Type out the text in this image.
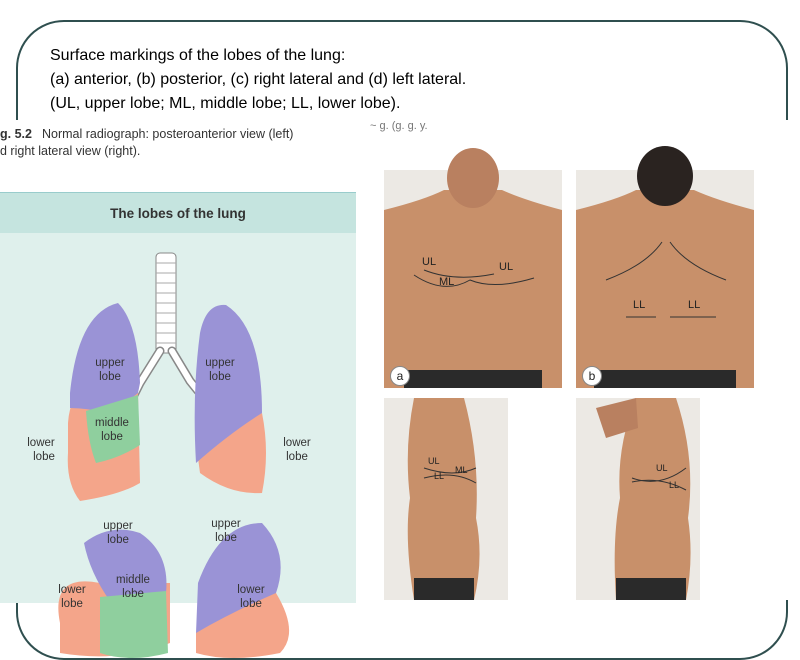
Surface markings of the lobes of the lung:
(a) anterior, (b) posterior, (c) right lateral and (d) left lateral.
(UL, upper lobe; ML, middle lobe; LL, lower lobe).
g. 5.2 Normal radiograph: posteroanterior view (left)
d right lateral view (right).
~ g. (g. g. y.
The lobes of the lung
upper
lobe
upper
lobe
middle
lobe
lower
lobe
lower
lobe
upper
lobe
middle
lobe
lower
lobe
upper
lobe
lower
lobe
UL
ML
UL
a
LL	LL
b
UL
ML
LL
UL
LL
